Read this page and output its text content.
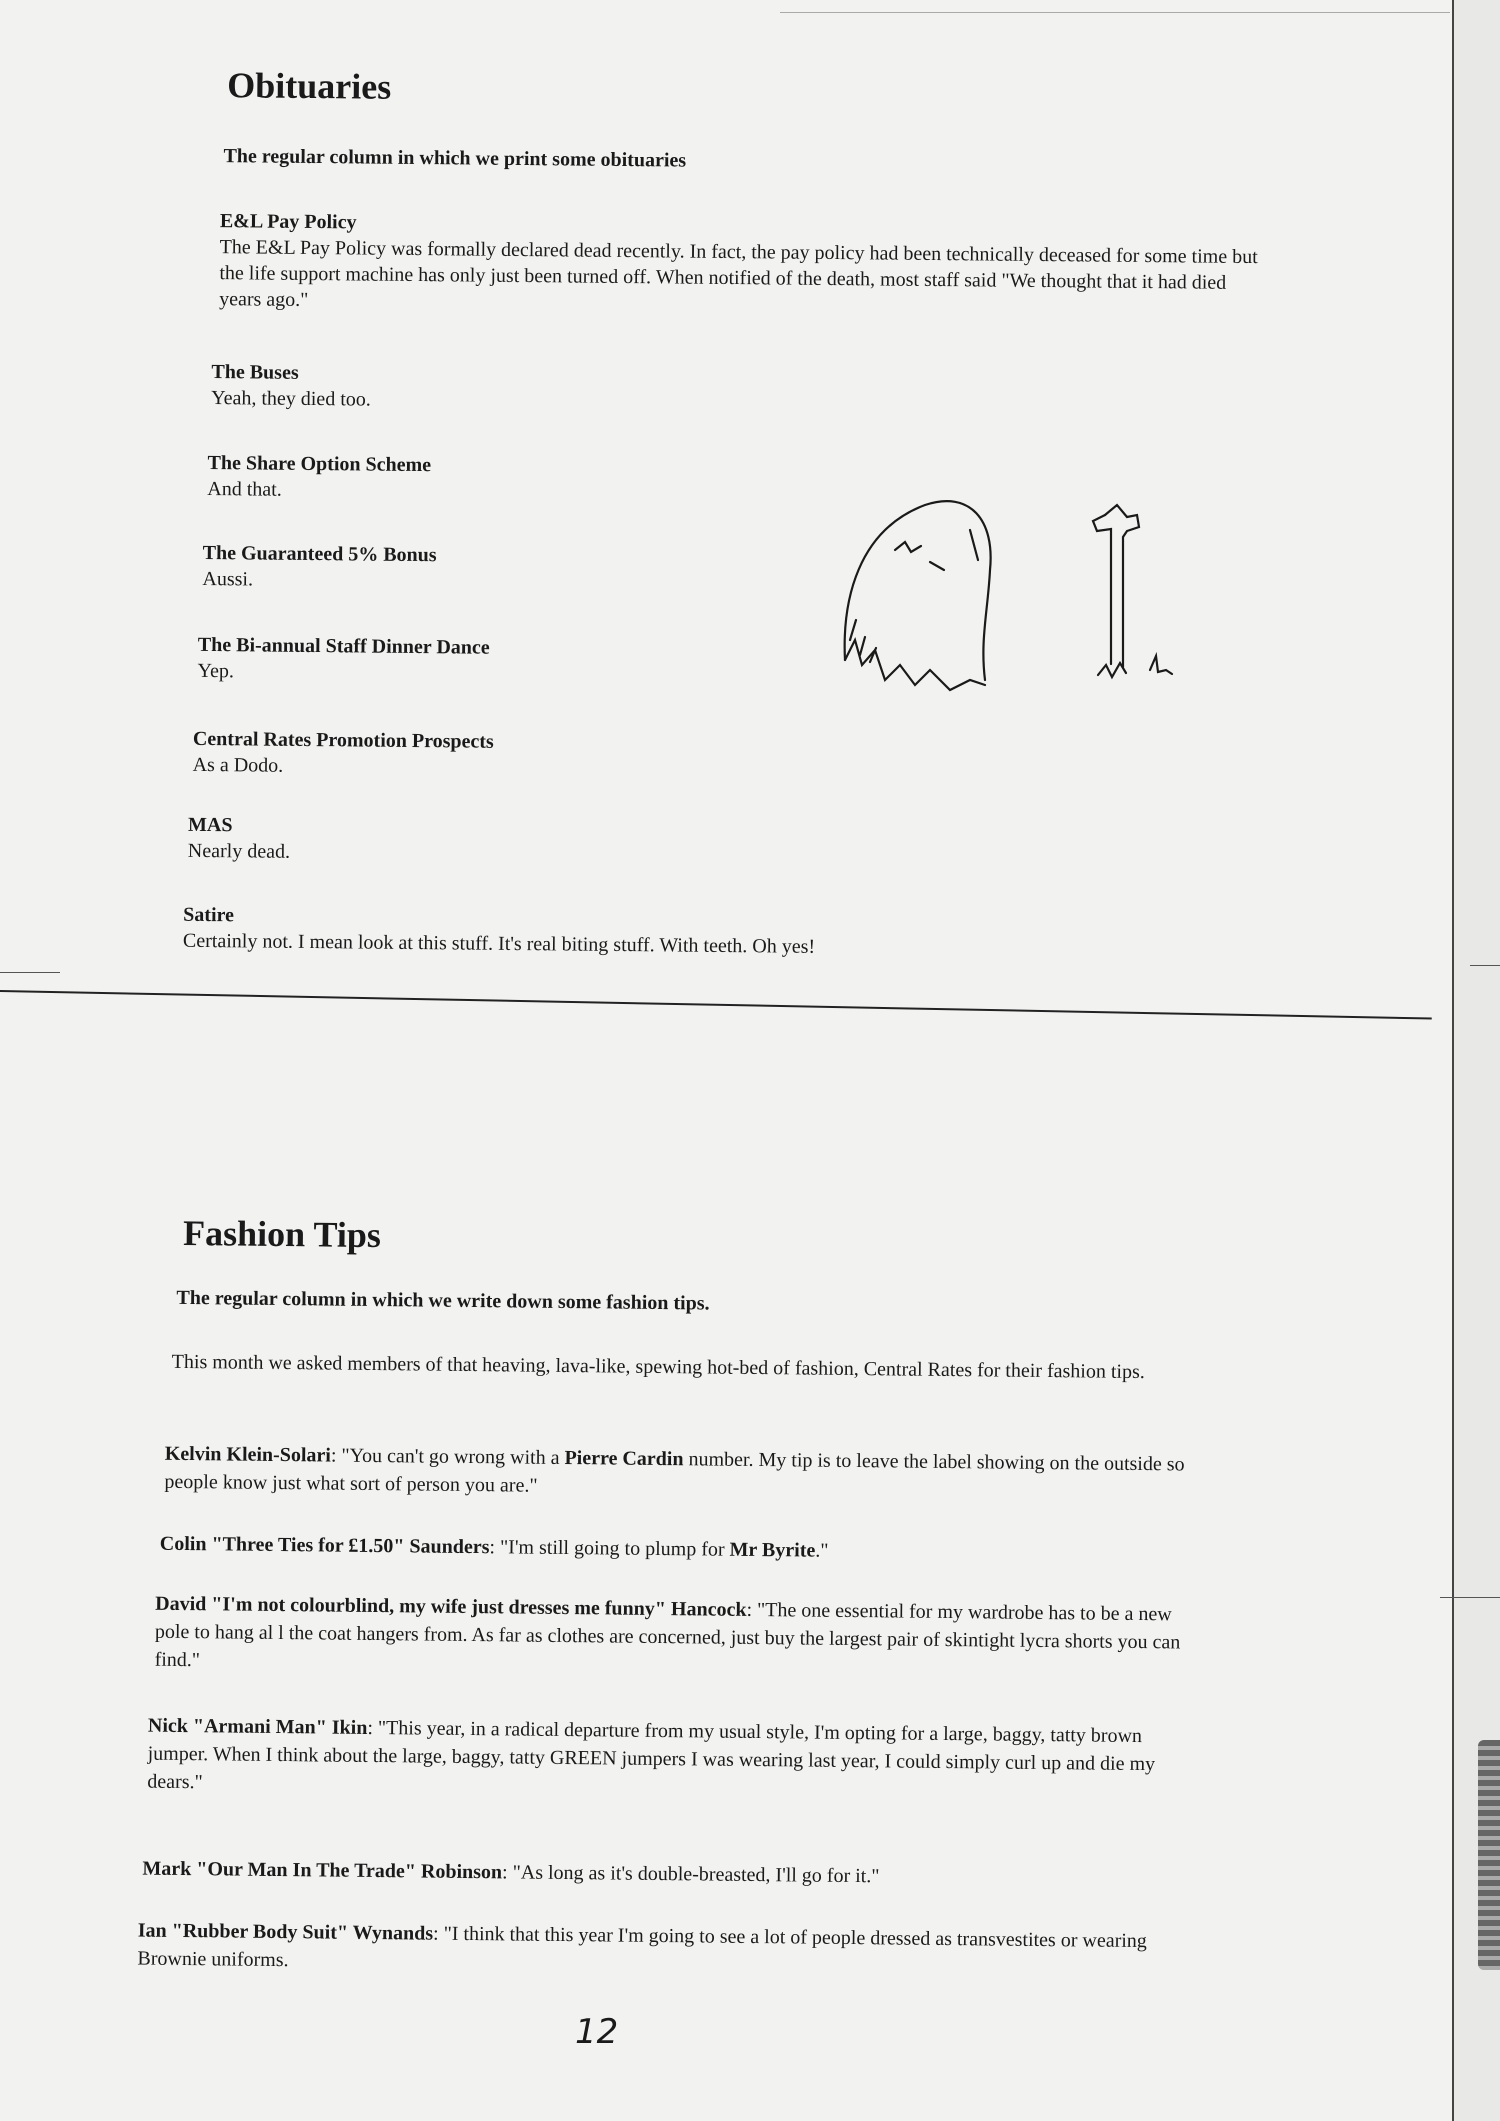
Obituaries

The regular column in which we print some obituaries

E&L Pay Policy
The E&L Pay Policy was formally declared dead recently. In fact, the pay policy had been technically deceased for some time but the life support machine has only just been turned off. When notified of the death, most staff said "We thought that it had died years ago."
The Buses
Yeah, they died too.
The Share Option Scheme
And that.
The Guaranteed 5% Bonus
Aussi.
The Bi-annual Staff Dinner Dance
Yep.
Central Rates Promotion Prospects
As a Dodo.
MAS
Nearly dead.
Satire
Certainly not. I mean look at this stuff. It's real biting stuff. With teeth. Oh yes!
Fashion Tips

The regular column in which we write down some fashion tips.

This month we asked members of that heaving, lava-like, spewing hot-bed of fashion, Central Rates for their fashion tips.

Kelvin Klein-Solari: "You can't go wrong with a Pierre Cardin number. My tip is to leave the label showing on the outside so people know just what sort of person you are."

Colin "Three Ties for £1.50" Saunders: "I'm still going to plump for Mr Byrite."

David "I'm not colourblind, my wife just dresses me funny" Hancock: "The one essential for my wardrobe has to be a new pole to hang al l the coat hangers from. As far as clothes are concerned, just buy the largest pair of skintight lycra shorts you can find."

Nick "Armani Man" Ikin: "This year, in a radical departure from my usual style, I'm opting for a large, baggy, tatty brown jumper. When I think about the large, baggy, tatty GREEN jumpers I was wearing last year, I could simply curl up and die my dears."

Mark "Our Man In The Trade" Robinson: "As long as it's double-breasted, I'll go for it."

Ian "Rubber Body Suit" Wynands: "I think that this year I'm going to see a lot of people dressed as transvestites or wearing Brownie uniforms.

12
